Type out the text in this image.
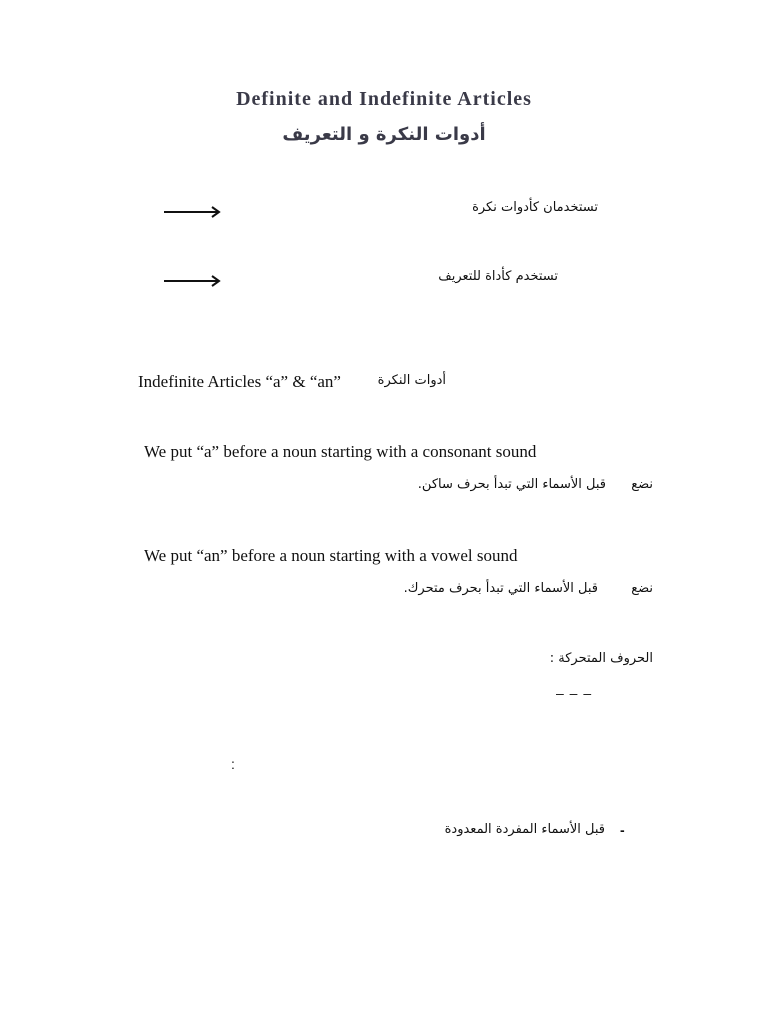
Definite and Indefinite Articles
أدوات النكرة و التعريف
تستخدمان كأدوات نكرة
تستخدم كأداة للتعريف
Indefinite Articles “a” & “an”	أدوات النكرة
We put “a” before a noun starting with a consonant sound
نضع
قبل الأسماء التي تبدأ بحرف ساكن.
We put “an” before a noun starting with a vowel sound
نضع
قبل الأسماء التي تبدأ بحرف متحرك.
الحروف المتحركة :
– – –
:
-
قبل الأسماء المفردة المعدودة
